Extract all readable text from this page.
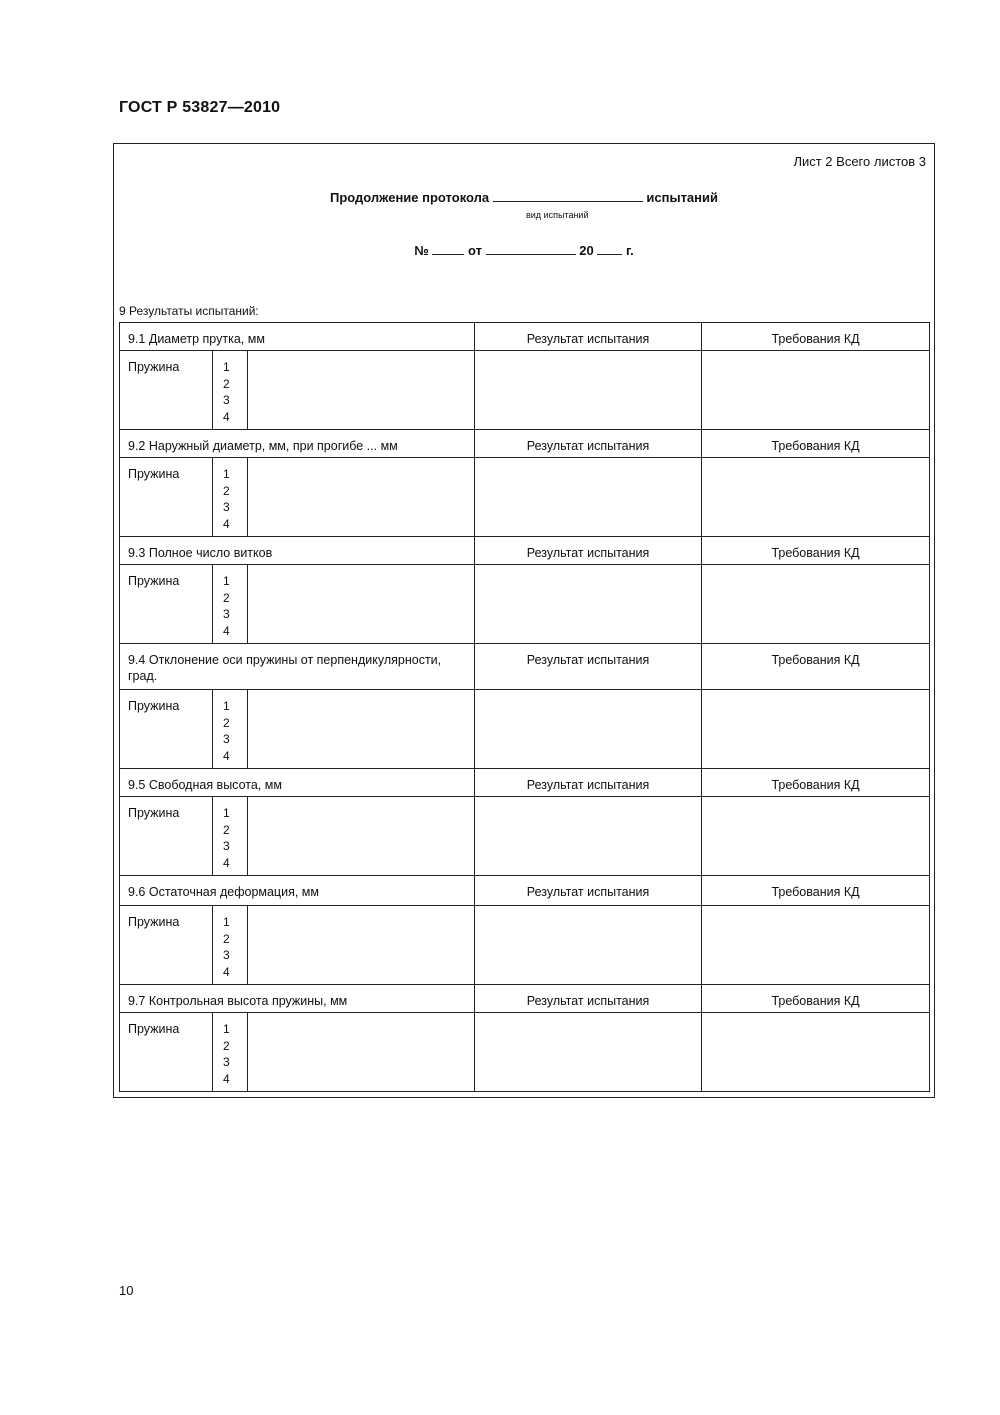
ГОСТ Р 53827—2010
Лист 2 Всего листов 3
Продолжение протокола	испытаний
вид испытаний
№	от	20 г.
9 Результаты испытаний:
9.1 Диаметр прутка, мм			Результат испытания	Требования КД
Пружина	1
2
3
4			

9.2 Наружный диаметр, мм, при прогибе ... мм			Результат испытания	Требования КД
Пружина	1
2
3
4			

9.3 Полное число витков			Результат испытания	Требования КД
Пружина	1
2
3
4			

9.4 Отклонение оси пружины от перпендикулярности, град.			Результат испытания	Требования КД
Пружина	1
2
3
4			

9.5 Свободная высота, мм			Результат испытания	Требования КД
Пружина	1
2
3
4			

9.6 Остаточная деформация, мм			Результат испытания	Требования КД
Пружина	1
2
3
4			

9.7 Контрольная высота пружины, мм			Результат испытания	Требования КД
Пружина	1
2
3
4			

10
